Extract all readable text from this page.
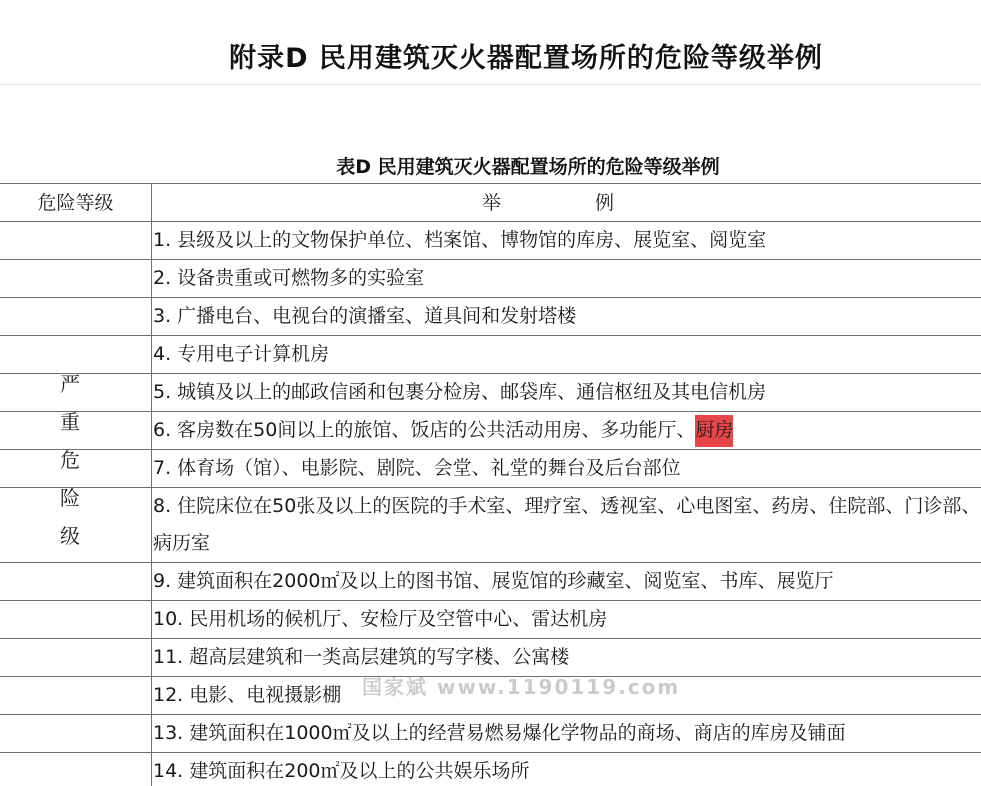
附录D 民用建筑灭火器配置场所的危险等级举例
表D 民用建筑灭火器配置场所的危险等级举例
危险等级	举例
1. 县级及以上的文物保护单位、档案馆、博物馆的库房、展览室、阅览室
2. 设备贵重或可燃物多的实验室
3. 广播电台、电视台的演播室、道具间和发射塔楼
4. 专用电子计算机房
5. 城镇及以上的邮政信函和包裹分检房、邮袋库、通信枢纽及其电信机房
6. 客房数在50间以上的旅馆、饭店的公共活动用房、多功能厅、厨房
7. 体育场（馆）、电影院、剧院、会堂、礼堂的舞台及后台部位
8. 住院床位在50张及以上的医院的手术室、理疗室、透视室、心电图室、药房、住院部、门诊部、病历室
9. 建筑面积在2000㎡及以上的图书馆、展览馆的珍藏室、阅览室、书库、展览厅
10. 民用机场的候机厅、安检厅及空管中心、雷达机房
11. 超高层建筑和一类高层建筑的写字楼、公寓楼
12. 电影、电视摄影棚
13. 建筑面积在1000㎡及以上的经营易燃易爆化学物品的商场、商店的库房及铺面
14. 建筑面积在200㎡及以上的公共娱乐场所
严
重
危
险
级
国家斌 www.1190119.com
